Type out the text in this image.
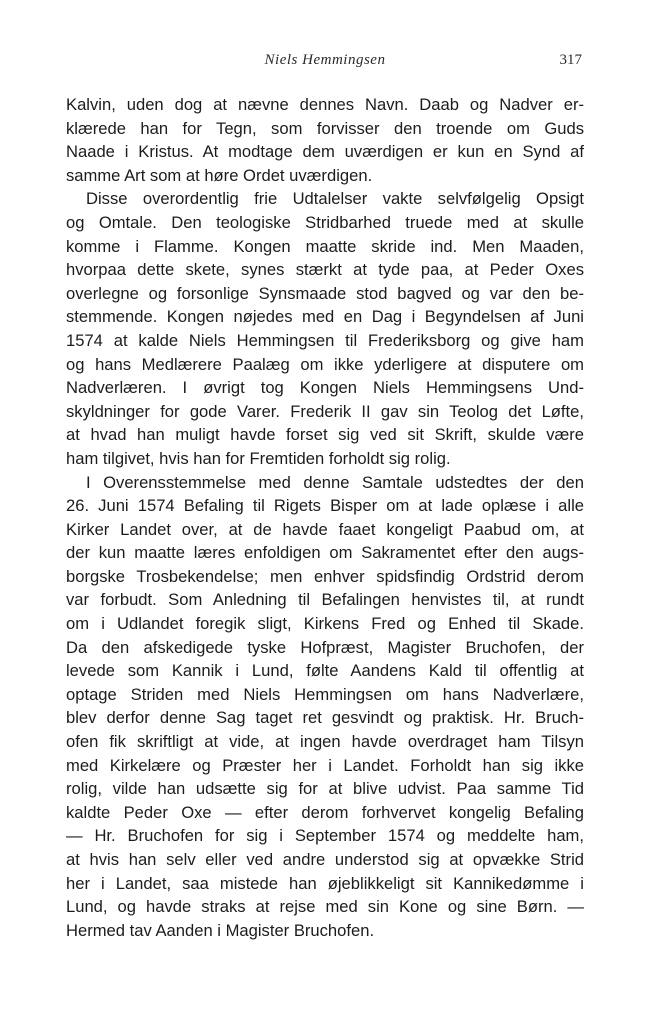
Niels Hemmingsen	317
Kalvin, uden dog at nævne dennes Navn. Daab og Nadver er-
klærede han for Tegn, som forvisser den troende om Guds
Naade i Kristus. At modtage dem uværdigen er kun en Synd af
samme Art som at høre Ordet uværdigen.
Disse overordentlig frie Udtalelser vakte selvfølgelig Opsigt
og Omtale. Den teologiske Stridbarhed truede med at skulle
komme i Flamme. Kongen maatte skride ind. Men Maaden,
hvorpaa dette skete, synes stærkt at tyde paa, at Peder Oxes
overlegne og forsonlige Synsmaade stod bagved og var den be-
stemmende. Kongen nøjedes med en Dag i Begyndelsen af Juni
1574 at kalde Niels Hemmingsen til Frederiksborg og give ham
og hans Medlærere Paalæg om ikke yderligere at disputere om
Nadverlæren. I øvrigt tog Kongen Niels Hemmingsens Und-
skyldninger for gode Varer. Frederik II gav sin Teolog det Løfte,
at hvad han muligt havde forset sig ved sit Skrift, skulde være
ham tilgivet, hvis han for Fremtiden forholdt sig rolig.
I Overensstemmelse med denne Samtale udstedtes der den
26. Juni 1574 Befaling til Rigets Bisper om at lade oplæse i alle
Kirker Landet over, at de havde faaet kongeligt Paabud om, at
der kun maatte læres enfoldigen om Sakramentet efter den augs-
borgske Trosbekendelse; men enhver spidsfindig Ordstrid derom
var forbudt. Som Anledning til Befalingen henvistes til, at rundt
om i Udlandet foregik sligt, Kirkens Fred og Enhed til Skade.
Da den afskedigede tyske Hofpræst, Magister Bruchofen, der
levede som Kannik i Lund, følte Aandens Kald til offentlig at
optage Striden med Niels Hemmingsen om hans Nadverlære,
blev derfor denne Sag taget ret gesvindt og praktisk. Hr. Bruch-
ofen fik skriftligt at vide, at ingen havde overdraget ham Tilsyn
med Kirkelære og Præster her i Landet. Forholdt han sig ikke
rolig, vilde han udsætte sig for at blive udvist. Paa samme Tid
kaldte Peder Oxe — efter derom forhvervet kongelig Befaling
— Hr. Bruchofen for sig i September 1574 og meddelte ham,
at hvis han selv eller ved andre understod sig at opvække Strid
her i Landet, saa mistede han øjeblikkeligt sit Kannikedømme i
Lund, og havde straks at rejse med sin Kone og sine Børn. —
Hermed tav Aanden i Magister Bruchofen.
